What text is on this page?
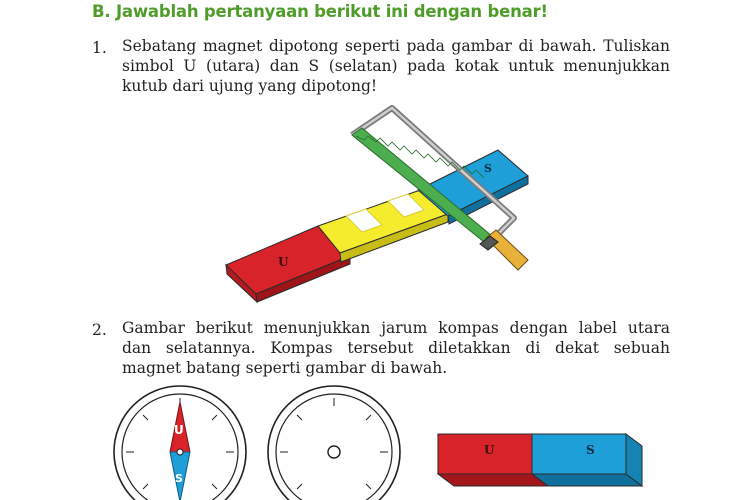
B. Jawablah pertanyaan berikut ini dengan benar!
1. Sebatang magnet dipotong seperti pada gambar di bawah. Tuliskan
simbol U (utara) dan S (selatan) pada kotak untuk menunjukkan
kutub dari ujung yang dipotong!
U
S
2. Gambar berikut menunjukkan jarum kompas dengan label utara
dan selatannya. Kompas tersebut diletakkan di dekat sebuah
magnet batang seperti gambar di bawah.
U
S
U	S
